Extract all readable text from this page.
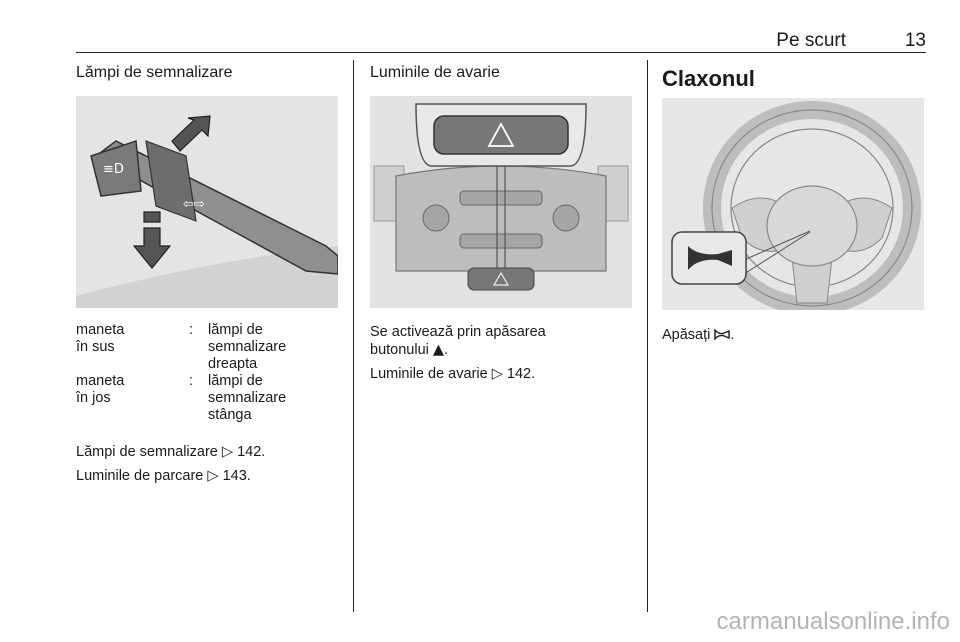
Pe scurt	13
Lămpi de semnalizare
≡D
⇦⇨
maneta în sus
: lămpi de semnalizare dreapta
maneta în jos
: lămpi de semnalizare stânga

Lămpi de semnalizare ▷ 142.

Luminile de parcare ▷ 143.

Luminile de avarie

Se activează prin apăsarea
butonului ▲.

Luminile de avarie ▷ 142.

Claxonul

Apăsați .

carmanualsonline.info
